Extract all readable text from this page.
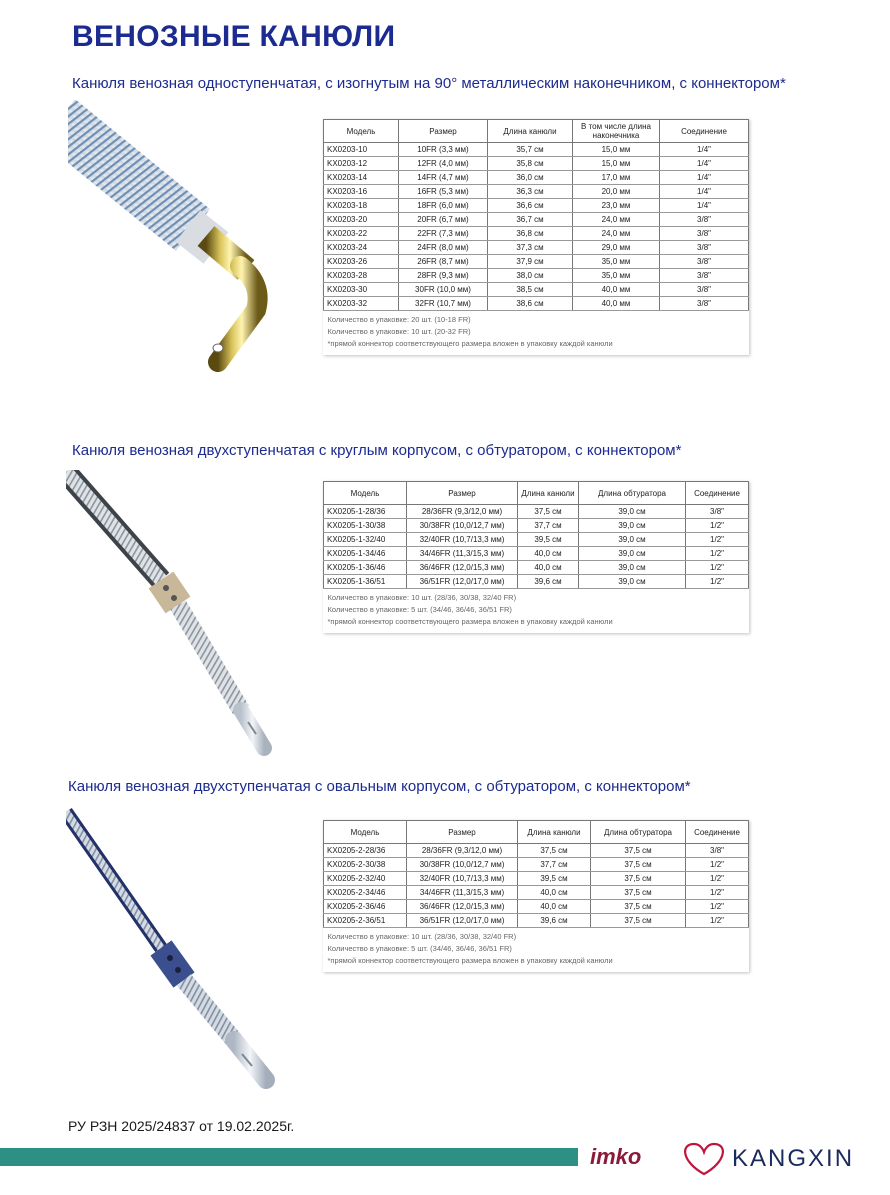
ВЕНОЗНЫЕ КАНЮЛИ
Канюля венозная одноступенчатая, с изогнутым на 90° металлическим наконечником, с коннектором*
Модель	Размер	Длина канюли	В том числе длина наконечника	Соединение
KX0203-10	10FR (3,3 мм)	35,7 см	15,0 мм	1/4"
KX0203-12	12FR (4,0 мм)	35,8 см	15,0 мм	1/4"
KX0203-14	14FR (4,7 мм)	36,0 см	17,0 мм	1/4"
KX0203-16	16FR (5,3 мм)	36,3 см	20,0 мм	1/4"
KX0203-18	18FR (6,0 мм)	36,6 см	23,0 мм	1/4"
KX0203-20	20FR (6,7 мм)	36,7 см	24,0 мм	3/8"
KX0203-22	22FR (7,3 мм)	36,8 см	24,0 мм	3/8"
KX0203-24	24FR (8,0 мм)	37,3 см	29,0 мм	3/8"
KX0203-26	26FR (8,7 мм)	37,9 см	35,0 мм	3/8"
KX0203-28	28FR (9,3 мм)	38,0 см	35,0 мм	3/8"
KX0203-30	30FR (10,0 мм)	38,5 см	40,0 мм	3/8"
KX0203-32	32FR (10,7 мм)	38,6 см	40,0 мм	3/8"

Количество в упаковке: 20 шт. (10-18 FR)
Количество в упаковке: 10 шт. (20-32 FR)
*прямой коннектор соответствующего размера вложен в упаковку каждой канюли				
Канюля венозная двухступенчатая с круглым корпусом, с обтуратором, с коннектором*
Модель	Размер	Длина канюли	Длина обтуратора	Соединение
KX0205-1-28/36	28/36FR (9,3/12,0 мм)	37,5 см	39,0 см	3/8"
KX0205-1-30/38	30/38FR (10,0/12,7 мм)	37,7 см	39,0 см	1/2"
KX0205-1-32/40	32/40FR (10,7/13,3 мм)	39,5 см	39,0 см	1/2"
KX0205-1-34/46	34/46FR (11,3/15,3 мм)	40,0 см	39,0 см	1/2"
KX0205-1-36/46	36/46FR (12,0/15,3 мм)	40,0 см	39,0 см	1/2"
KX0205-1-36/51	36/51FR (12,0/17,0 мм)	39,6 см	39,0 см	1/2"

Количество в упаковке: 10 шт. (28/36, 30/38, 32/40 FR)
Количество в упаковке: 5 шт. (34/46, 36/46, 36/51 FR)
*прямой коннектор соответствующего размера вложен в упаковку каждой канюли				
Канюля венозная двухступенчатая с овальным корпусом, с обтуратором, с коннектором*
Модель	Размер	Длина канюли	Длина обтуратора	Соединение
KX0205-2-28/36	28/36FR (9,3/12,0 мм)	37,5 см	37,5 см	3/8"
KX0205-2-30/38	30/38FR (10,0/12,7 мм)	37,7 см	37,5 см	1/2"
KX0205-2-32/40	32/40FR (10,7/13,3 мм)	39,5 см	37,5 см	1/2"
KX0205-2-34/46	34/46FR (11,3/15,3 мм)	40,0 см	37,5 см	1/2"
KX0205-2-36/46	36/46FR (12,0/15,3 мм)	40,0 см	37,5 см	1/2"
KX0205-2-36/51	36/51FR (12,0/17,0 мм)	39,6 см	37,5 см	1/2"

Количество в упаковке: 10 шт. (28/36, 30/38, 32/40 FR)
Количество в упаковке: 5 шт. (34/46, 36/46, 36/51 FR)
*прямой коннектор соответствующего размера вложен в упаковку каждой канюли				
РУ РЗН 2025/24837 от 19.02.2025г.
imko	KANGXIN
